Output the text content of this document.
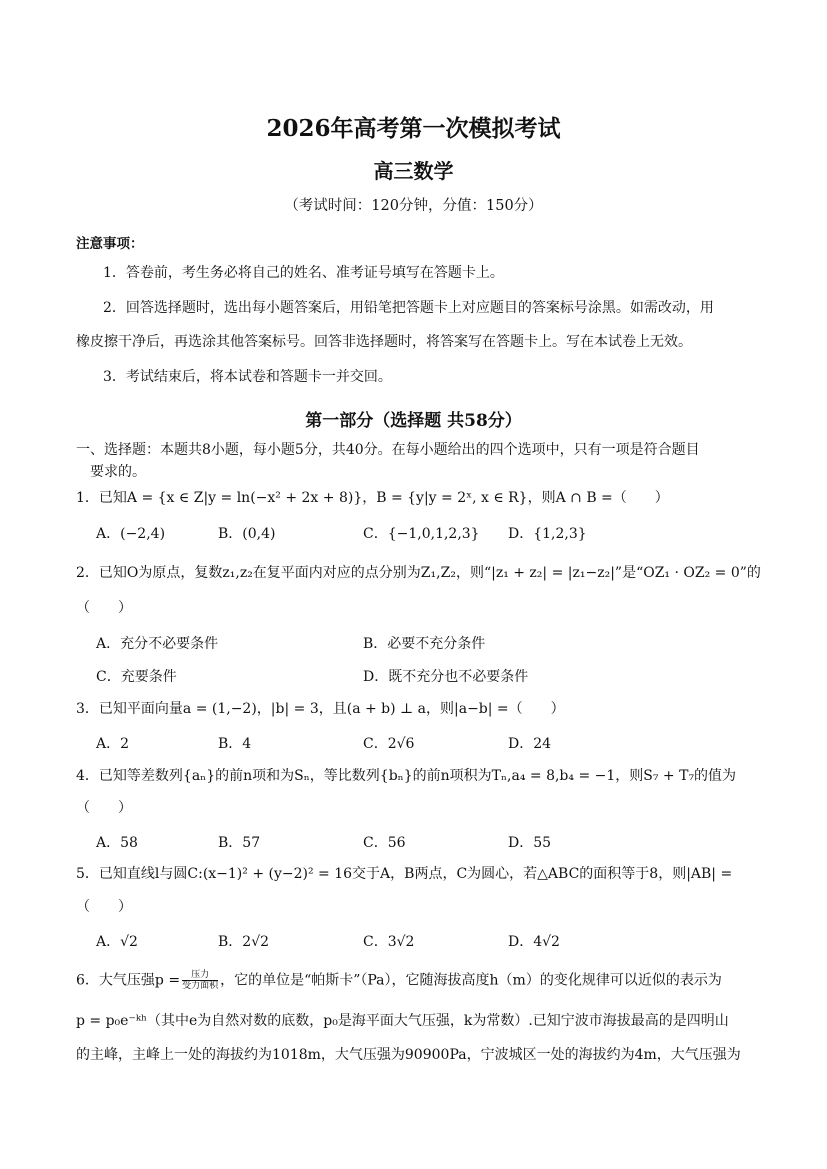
2026年高考第一次模拟考试
高三数学
（考试时间：120分钟，分值：150分）
注意事项：
1．答卷前，考生务必将自己的姓名、准考证号填写在答题卡上。
2．回答选择题时，选出每小题答案后，用铅笔把答题卡上对应题目的答案标号涂黑。如需改动，用
橡皮擦干净后，再选涂其他答案标号。回答非选择题时，将答案写在答题卡上。写在本试卷上无效。
3．考试结束后，将本试卷和答题卡一并交回。
第一部分（选择题 共58分）
一、选择题：本题共8小题，每小题5分，共40分。在每小题给出的四个选项中，只有一项是符合题目
要求的。
1．已知A = {x ∈ Z|y = ln(−x² + 2x + 8)}，B = {y|y = 2ˣ, x ∈ R}，则A ∩ B =（　　）
A．(−2,4)	B．(0,4)	C．{−1,0,1,2,3} D．{1,2,3}
2．已知O为原点，复数z₁,z₂在复平面内对应的点分别为Z₁,Z₂，则“|z₁ + z₂| = |z₁−z₂|”是“OZ₁ · OZ₂ = 0”的
（　　）
A．充分不必要条件	B．必要不充分条件
C．充要条件	D．既不充分也不必要条件
3．已知平面向量a = (1,−2)，|b| = 3，且(a + b) ⊥ a，则|a−b| =（　　）
A．2	B．4	C．2√6	D．24
4．已知等差数列{aₙ}的前n项和为Sₙ，等比数列{bₙ}的前n项积为Tₙ,a₄ = 8,b₄ = −1，则S₇ + T₇的值为
（　　）
A．58	B．57	C．56	D．55
5．已知直线l与圆C:(x−1)² + (y−2)² = 16交于A，B两点，C为圆心，若△ABC的面积等于8，则|AB| =
（　　）
A．√2	B．2√2	C．3√2	D．4√2
6．大气压强$p = \frac{\text{压力}}{\text{受力面积}}$ ，它的单位是“帕斯卡”（Pa），它随海拔高度h（m）的变化规律可以近似的表示为
p = p₀e⁻ᵏʰ（其中e为自然对数的底数，p₀是海平面大气压强，k为常数）.已知宁波市海拔最高的是四明山
的主峰，主峰上一处的海拔约为1018m，大气压强为90900Pa，宁波城区一处的海拔约为4m，大气压强为
